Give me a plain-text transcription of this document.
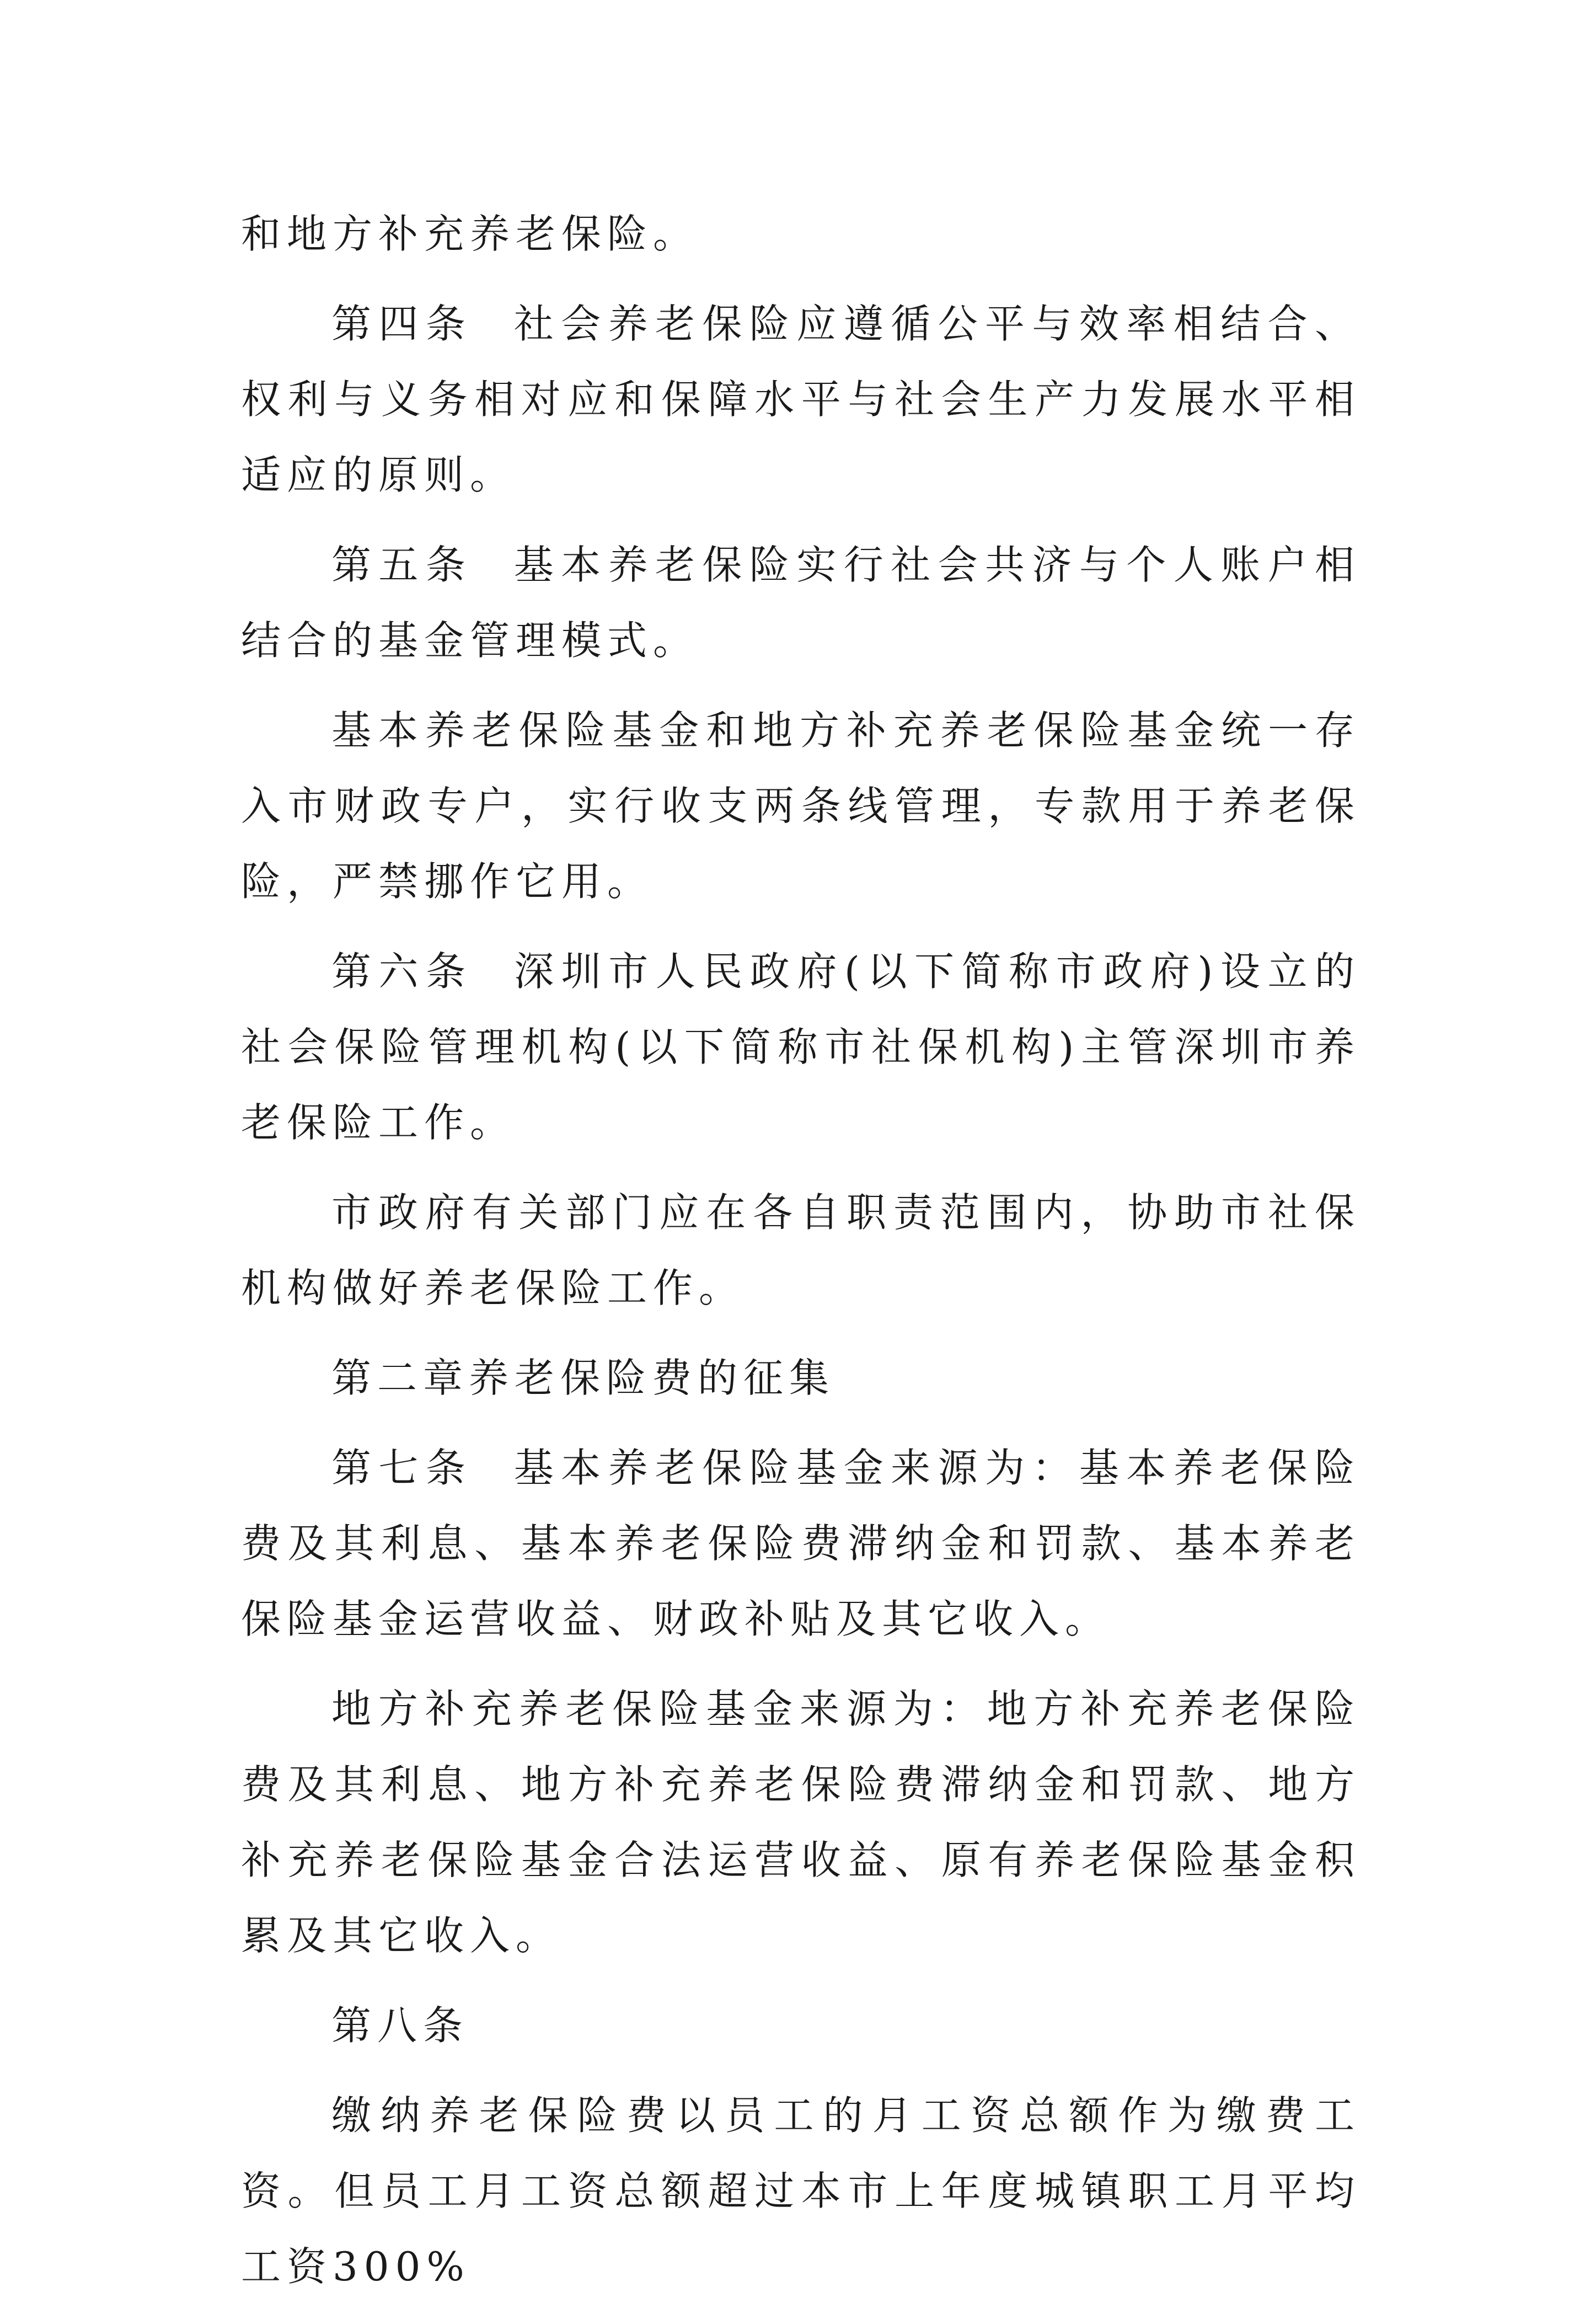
和地方补充养老保险。

第四条 社会养老保险应遵循公平与效率相结合、权利与义务相对应和保障水平与社会生产力发展水平相适应的原则。

第五条 基本养老保险实行社会共济与个人账户相结合的基金管理模式。

基本养老保险基金和地方补充养老保险基金统一存入市财政专户，实行收支两条线管理，专款用于养老保险，严禁挪作它用。

第六条 深圳市人民政府(以下简称市政府)设立的社会保险管理机构(以下简称市社保机构)主管深圳市养老保险工作。

市政府有关部门应在各自职责范围内，协助市社保机构做好养老保险工作。

第二章养老保险费的征集

第七条 基本养老保险基金来源为：基本养老保险费及其利息、基本养老保险费滞纳金和罚款、基本养老保险基金运营收益、财政补贴及其它收入。

地方补充养老保险基金来源为：地方补充养老保险费及其利息、地方补充养老保险费滞纳金和罚款、地方补充养老保险基金合法运营收益、原有养老保险基金积累及其它收入。

第八条

缴纳养老保险费以员工的月工资总额作为缴费工资。但员工月工资总额超过本市上年度城镇职工月平均工资300%
